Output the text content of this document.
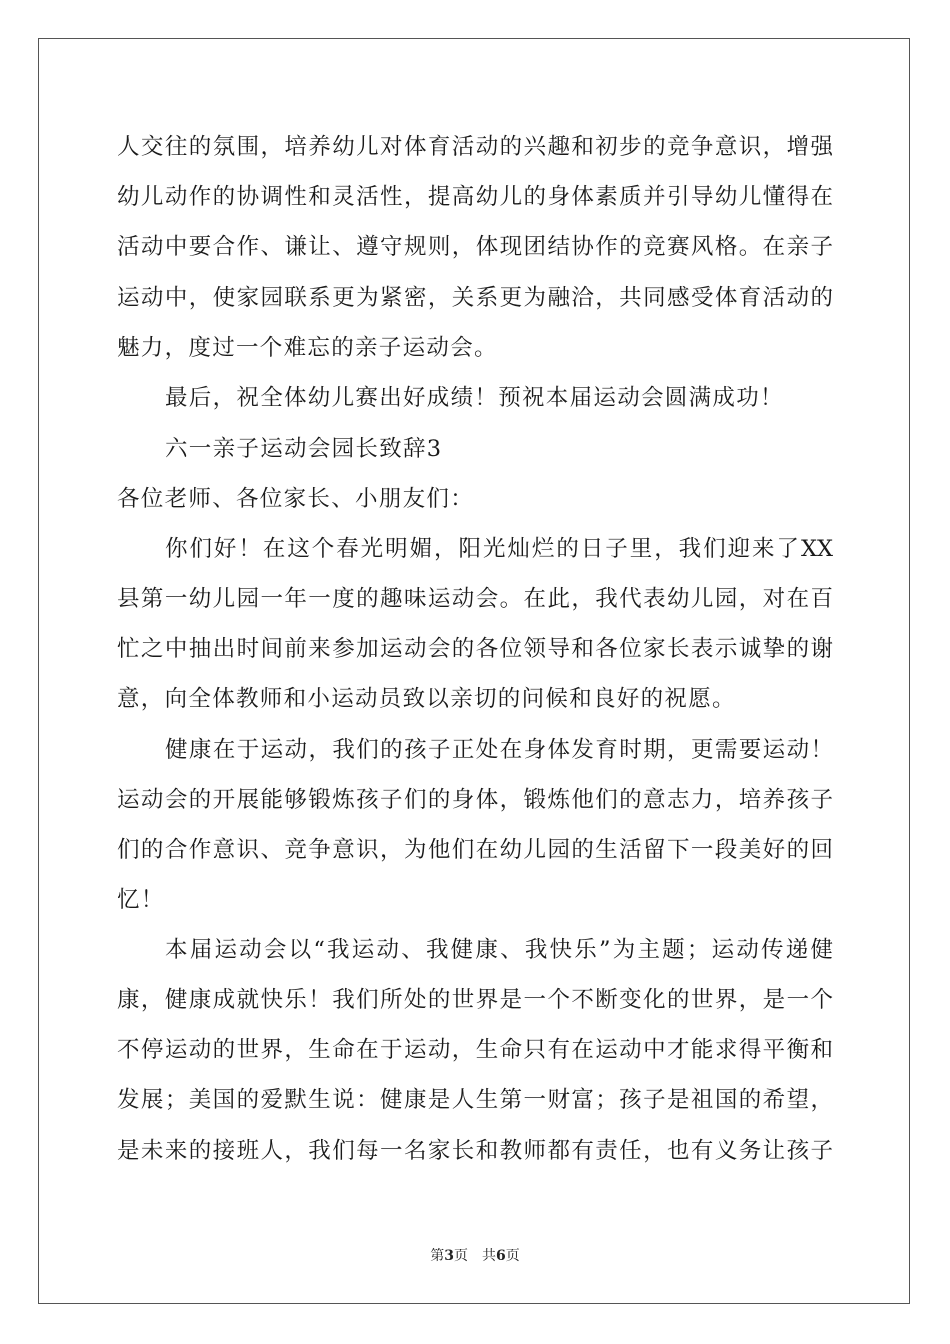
人交往的氛围，培养幼儿对体育活动的兴趣和初步的竞争意识，增强
幼儿动作的协调性和灵活性，提高幼儿的身体素质并引导幼儿懂得在
活动中要合作、谦让、遵守规则，体现团结协作的竞赛风格。在亲子
运动中，使家园联系更为紧密，关系更为融洽，共同感受体育活动的
魅力，度过一个难忘的亲子运动会。
最后，祝全体幼儿赛出好成绩！预祝本届运动会圆满成功！
六一亲子运动会园长致辞3
各位老师、各位家长、小朋友们：
你们好！在这个春光明媚，阳光灿烂的日子里，我们迎来了XX
县第一幼儿园一年一度的趣味运动会。在此，我代表幼儿园，对在百
忙之中抽出时间前来参加运动会的各位领导和各位家长表示诚挚的谢
意，向全体教师和小运动员致以亲切的问候和良好的祝愿。
健康在于运动，我们的孩子正处在身体发育时期，更需要运动！
运动会的开展能够锻炼孩子们的身体，锻炼他们的意志力，培养孩子
们的合作意识、竞争意识，为他们在幼儿园的生活留下一段美好的回
忆！
本届运动会以“我运动、我健康、我快乐”为主题；运动传递健
康，健康成就快乐！我们所处的世界是一个不断变化的世界，是一个
不停运动的世界，生命在于运动，生命只有在运动中才能求得平衡和
发展；美国的爱默生说：健康是人生第一财富；孩子是祖国的希望，
是未来的接班人，我们每一名家长和教师都有责任，也有义务让孩子
第3页　共6页
